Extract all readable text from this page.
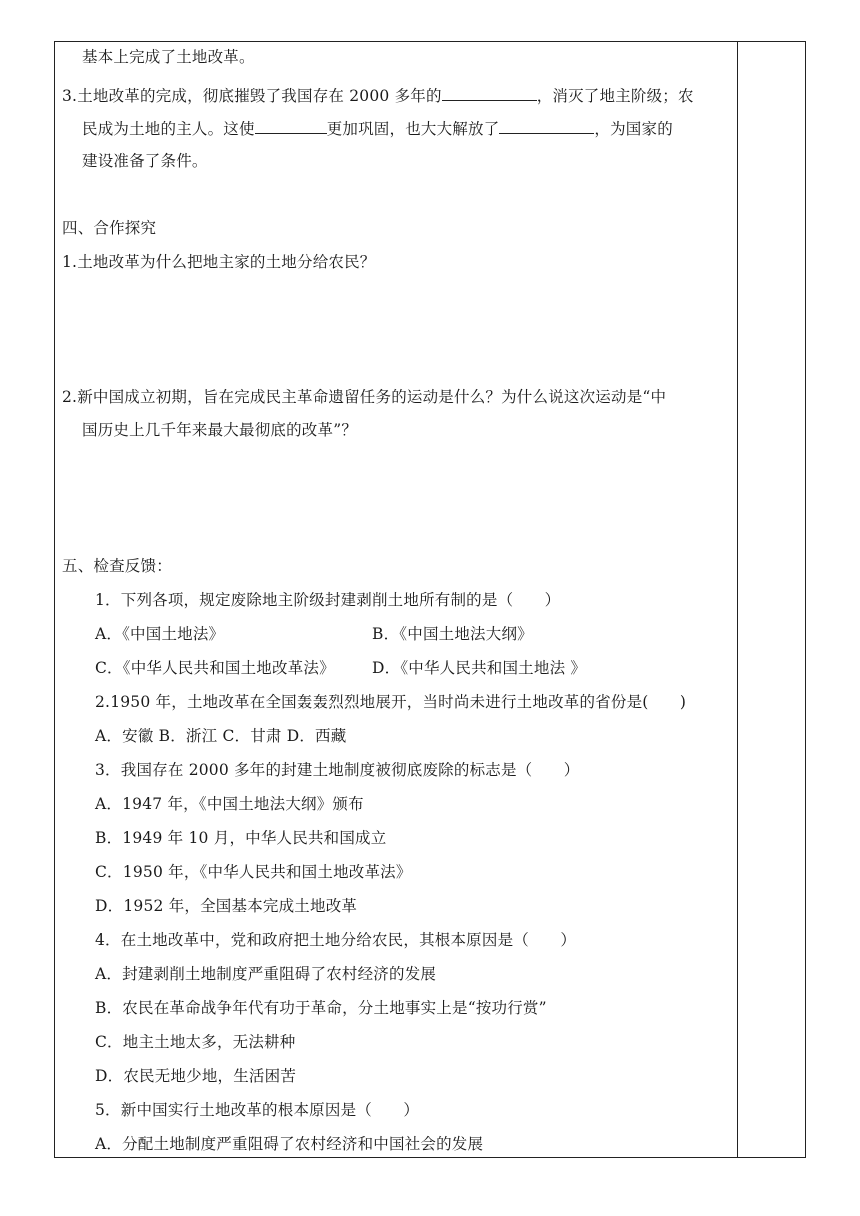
基本上完成了土地改革。
3.土地改革的完成，彻底摧毁了我国存在 2000 多年的	，消灭了地主阶级；农
民成为土地的主人。这使	更加巩固，也大大解放了	，为国家的
建设准备了条件。
四、合作探究
1.土地改革为什么把地主家的土地分给农民？
2.新中国成立初期，旨在完成民主革命遗留任务的运动是什么？为什么说这次运动是“中
国历史上几千年来最大最彻底的改革”？
五、检查反馈：
1．下列各项，规定废除地主阶级封建剥削土地所有制的是（　　）
A．《中国土地法》	B．《中国土地法大纲》
C．《中华人民共和国土地改革法》 D．《中华人民共和国土地法 》
2.1950 年，土地改革在全国轰轰烈烈地展开，当时尚未进行土地改革的省份是(　　)
A．安徽 B．浙江 C．甘肃 D．西藏
3．我国存在 2000 多年的封建土地制度被彻底废除的标志是（　　）
A．1947 年，《中国土地法大纲》颁布
B．1949 年 10 月，中华人民共和国成立
C．1950 年，《中华人民共和国土地改革法》
D．1952 年，全国基本完成土地改革
4．在土地改革中，党和政府把土地分给农民，其根本原因是（　　）
A．封建剥削土地制度严重阻碍了农村经济的发展
B．农民在革命战争年代有功于革命，分土地事实上是“按功行赏”
C．地主土地太多，无法耕种
D．农民无地少地，生活困苦
5．新中国实行土地改革的根本原因是（　　）
A．分配土地制度严重阻碍了农村经济和中国社会的发展
